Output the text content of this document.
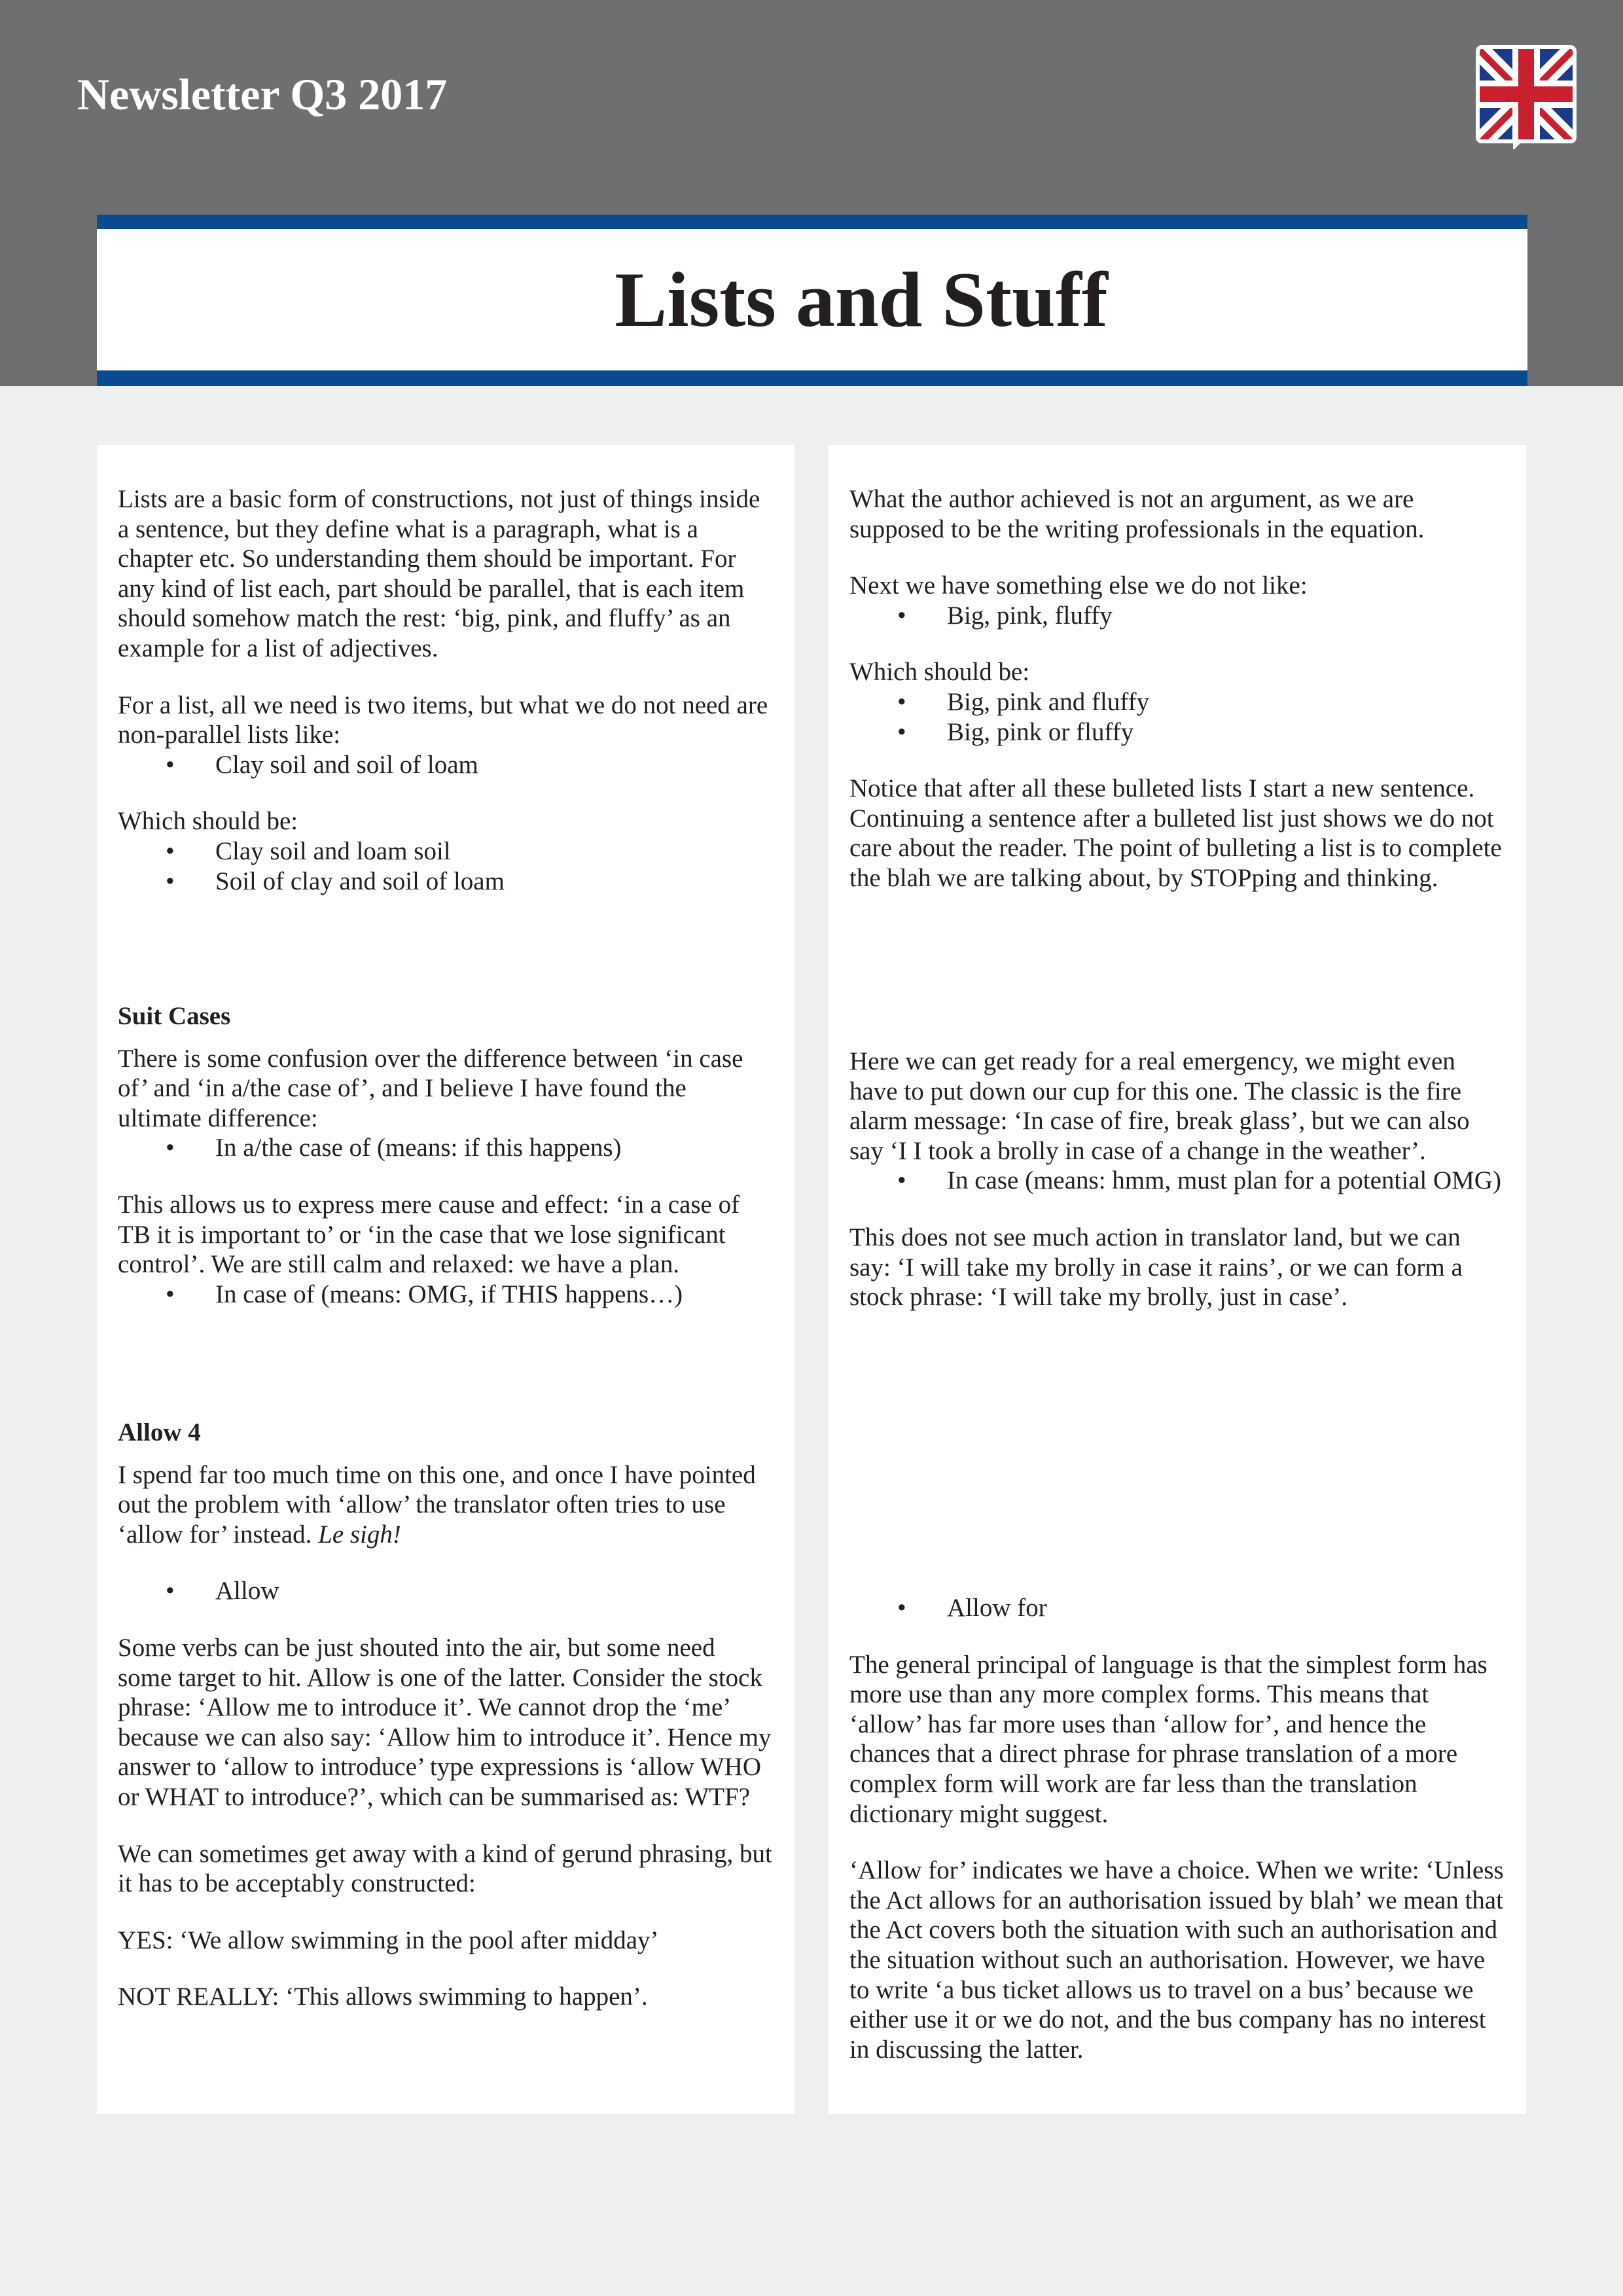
Newsletter Q3 2017
Lists and Stuff

Lists are a basic form of constructions, not just of things inside a sentence, but they define what is a paragraph, what is a chapter etc. So understanding them should be important. For any kind of list each, part should be parallel, that is each item should somehow match the rest: ‘big, pink, and fluffy’ as an example for a list of adjectives.

For a list, all we need is two items, but what we do not need are non-parallel lists like:

• Clay soil and soil of loam

Which should be:

• Clay soil and loam soil
• Soil of clay and soil of loam
Suit Cases

There is some confusion over the difference between ‘in case of’ and ‘in a/the case of’, and I believe I have found the ultimate difference:

• In a/the case of (means: if this happens)

This allows us to express mere cause and effect: ‘in a case of TB it is important to’ or ‘in the case that we lose significant control’. We are still calm and relaxed: we have a plan.

• In case of (means: OMG, if THIS happens…)
Allow 4

I spend far too much time on this one, and once I have pointed out the problem with ‘allow’ the translator often tries to use ‘allow for’ instead. Le sigh!

• Allow

Some verbs can be just shouted into the air, but some need some target to hit. Allow is one of the latter. Consider the stock phrase: ‘Allow me to introduce it’. We cannot drop the ‘me’ because we can also say: ‘Allow him to introduce it’. Hence my answer to ‘allow to introduce’ type expressions is ‘allow WHO or WHAT to introduce?’, which can be summarised as: WTF?

We can sometimes get away with a kind of gerund phrasing, but it has to be acceptably constructed:

YES: ‘We allow swimming in the pool after midday’

NOT REALLY: ‘This allows swimming to happen’.

What the author achieved is not an argument, as we are supposed to be the writing professionals in the equation.

Next we have something else we do not like:

• Big, pink, fluffy

Which should be:

• Big, pink and fluffy
• Big, pink or fluffy

Notice that after all these bulleted lists I start a new sentence. Continuing a sentence after a bulleted list just shows we do not care about the reader. The point of bulleting a list is to complete the blah we are talking about, by STOPping and thinking.

Here we can get ready for a real emergency, we might even have to put down our cup for this one. The classic is the fire alarm message: ‘In case of fire, break glass’, but we can also say ‘I I took a brolly in case of a change in the weather’.

• In case (means: hmm, must plan for a potential OMG)

This does not see much action in translator land, but we can say: ‘I will take my brolly in case it rains’, or we can form a stock phrase: ‘I will take my brolly, just in case’.

• Allow for

The general principal of language is that the simplest form has more use than any more complex forms. This means that ‘allow’ has far more uses than ‘allow for’, and hence the chances that a direct phrase for phrase translation of a more complex form will work are far less than the translation dictionary might suggest.

‘Allow for’ indicates we have a choice. When we write: ‘Unless the Act allows for an authorisation issued by blah’ we mean that the Act covers both the situation with such an authorisation and the situation without such an authorisation. However, we have to write ‘a bus ticket allows us to travel on a bus’ because we either use it or we do not, and the bus company has no interest in discussing the latter.
